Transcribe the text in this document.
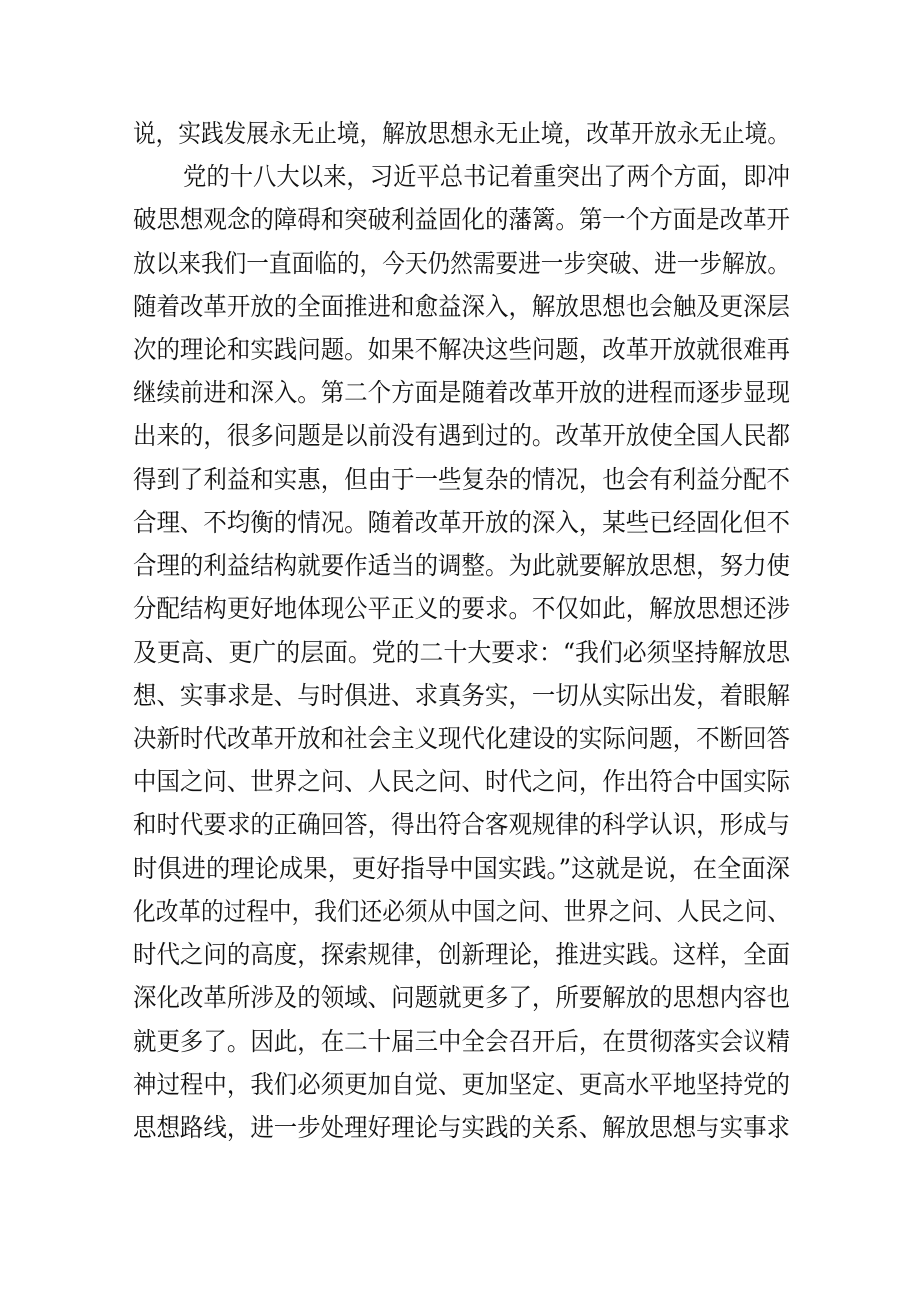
说，实践发展永无止境，解放思想永无止境，改革开放永无止境。
党的十八大以来，习近平总书记着重突出了两个方面，即冲
破思想观念的障碍和突破利益固化的藩篱。第一个方面是改革开
放以来我们一直面临的，今天仍然需要进一步突破、进一步解放。
随着改革开放的全面推进和愈益深入，解放思想也会触及更深层
次的理论和实践问题。如果不解决这些问题，改革开放就很难再
继续前进和深入。第二个方面是随着改革开放的进程而逐步显现
出来的，很多问题是以前没有遇到过的。改革开放使全国人民都
得到了利益和实惠，但由于一些复杂的情况，也会有利益分配不
合理、不均衡的情况。随着改革开放的深入，某些已经固化但不
合理的利益结构就要作适当的调整。为此就要解放思想，努力使
分配结构更好地体现公平正义的要求。不仅如此，解放思想还涉
及更高、更广的层面。党的二十大要求：“我们必须坚持解放思
想、实事求是、与时俱进、求真务实，一切从实际出发，着眼解
决新时代改革开放和社会主义现代化建设的实际问题，不断回答
中国之问、世界之问、人民之问、时代之问，作出符合中国实际
和时代要求的正确回答，得出符合客观规律的科学认识，形成与
时俱进的理论成果，更好指导中国实践。”这就是说，在全面深
化改革的过程中，我们还必须从中国之问、世界之问、人民之问、
时代之问的高度，探索规律，创新理论，推进实践。这样，全面
深化改革所涉及的领域、问题就更多了，所要解放的思想内容也
就更多了。因此，在二十届三中全会召开后，在贯彻落实会议精
神过程中，我们必须更加自觉、更加坚定、更高水平地坚持党的
思想路线，进一步处理好理论与实践的关系、解放思想与实事求
